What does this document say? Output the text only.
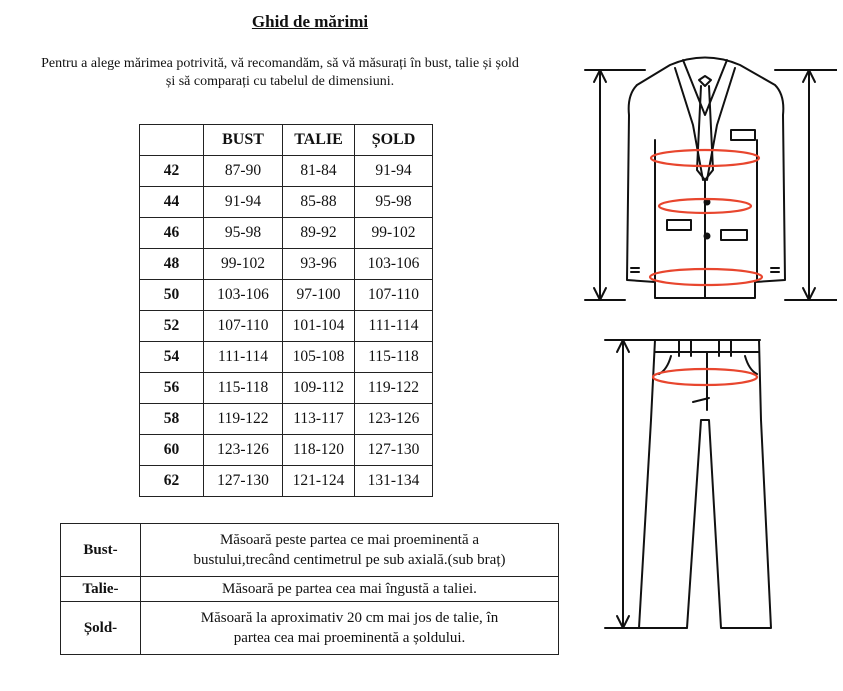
Ghid de mărimi
Pentru a alege mărimea potrivită, vă recomandăm, să vă măsurați în bust, talie și șold
și să comparați cu tabelul de dimensiuni.
	BUST	TALIE	ȘOLD
42	87-90	81-84	91-94
44	91-94	85-88	95-98
46	95-98	89-92	99-102
48	99-102	93-96	103-106
50	103-106	97-100	107-110
52	107-110	101-104	111-114
54	111-114	105-108	115-118
56	115-118	109-112	119-122
58	119-122	113-117	123-126
60	123-126	118-120	127-130
62	127-130	121-124	131-134
Bust-	Măsoară peste partea ce mai proeminentă a
bustului,trecând centimetrul pe sub axială.(sub braț)

Talie-	Măsoară pe partea cea mai îngustă a taliei.
Șold-	Măsoară la aproximativ 20 cm mai jos de talie, în
partea cea mai proeminentă a șoldului.
